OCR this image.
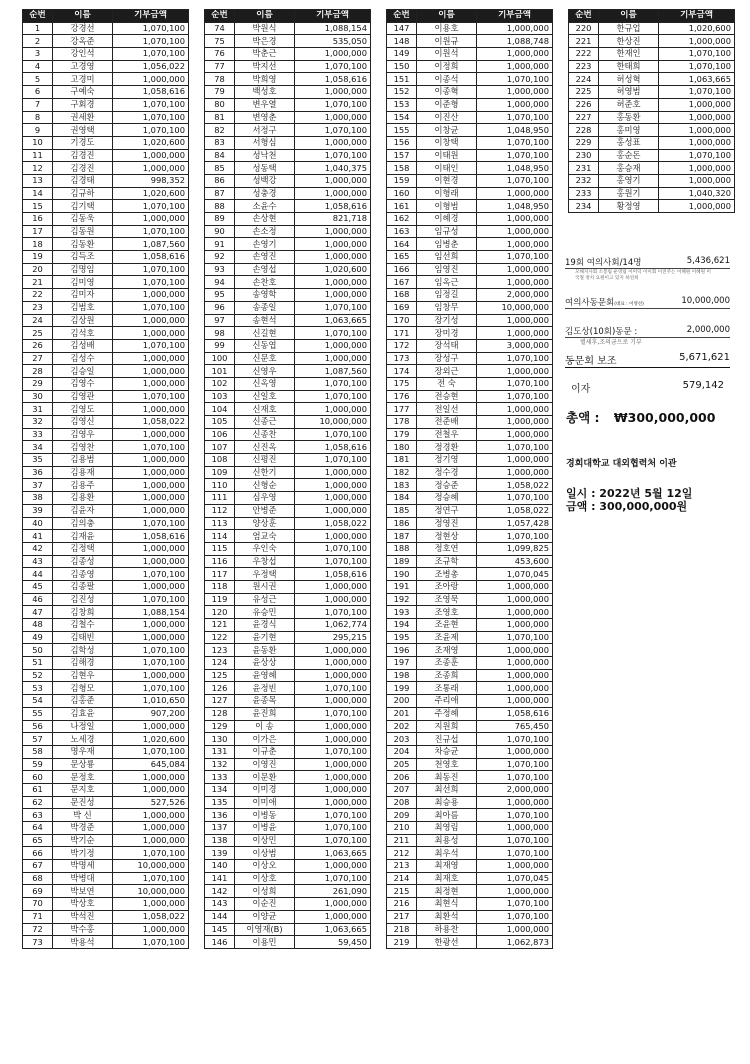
순번	이름	기부금액
1	강경선	1,070,100
2	강옥준	1,070,100
3	강인석	1,070,100
4	고경영	1,056,022
5	고경미	1,000,000
6	구예숙	1,058,616
7	구회경	1,070,100
8	권세환	1,070,100
9	권영택	1,070,100
10	기경도	1,020,600
11	김경진	1,000,000
12	김경진	1,000,000
13	김경태	998,352
14	김규하	1,020,600
15	김기택	1,070,100
16	김동욱	1,000,000
17	김동원	1,070,100
18	김동환	1,087,560
19	김득조	1,058,616
20	김명임	1,070,100
21	김미영	1,070,100
22	김미자	1,000,000
23	김범호	1,070,100
24	김상원	1,000,000
25	김석호	1,000,000
26	김성배	1,070,100
27	김성수	1,000,000
28	김승일	1,000,000
29	김영수	1,000,000
30	김영관	1,070,100
31	김영도	1,000,000
32	김영신	1,058,022
33	김영우	1,000,000
34	김영찬	1,070,100
35	김용범	1,000,000
36	김용재	1,000,000
37	김용주	1,000,000
38	김용환	1,000,000
39	김윤자	1,000,000
40	김의충	1,070,100
41	김재윤	1,058,616
42	김정택	1,000,000
43	김종성	1,000,000
44	김종영	1,070,100
45	김종팔	1,000,000
46	김진성	1,070,100
47	김창희	1,088,154
48	김철수	1,000,000
49	김태빈	1,000,000
50	김학성	1,070,100
51	김해경	1,070,100
52	김현우	1,000,000
53	김형모	1,070,100
54	김홍준	1,010,650
55	김효윤	907,200
56	나정일	1,000,000
57	노세경	1,020,600
58	명우재	1,070,100
59	문상룡	645,084
60	문정호	1,000,000
61	문지호	1,000,000
62	문진성	527,526
63	박 신	1,000,000
64	박경준	1,000,000
65	박기순	1,000,000
66	박기정	1,070,100
67	박명세	10,000,000
68	박병대	1,070,100
69	박보연	10,000,000
70	박상호	1,000,000
71	박석진	1,058,022
72	박수홍	1,000,000
73	박용석	1,070,100
순번	이름	기부금액
74	박원식	1,088,154
75	박은경	535,050
76	박춘근	1,000,000
77	박지선	1,070,100
78	박희영	1,058,616
79	백성호	1,000,000
80	변우열	1,070,100
81	변영춘	1,000,000
82	서정구	1,070,100
83	서형심	1,000,000
84	성낙천	1,070,100
85	성동택	1,040,375
86	성백강	1,000,000
87	성충경	1,000,000
88	소윤수	1,058,616
89	손상현	821,718
90	손소정	1,000,000
91	손영기	1,000,000
92	손영진	1,000,000
93	손영섭	1,020,600
94	손찬호	1,000,000
95	송영학	1,000,000
96	송종일	1,070,100
97	송현석	1,063,665
98	신길현	1,070,100
99	신동엽	1,000,000
100	신문호	1,000,000
101	신영우	1,087,560
102	신옥영	1,070,100
103	신일호	1,070,100
104	신재호	1,000,000
105	신종근	10,000,000
106	신종찬	1,070,100
107	신진옥	1,058,616
108	신평진	1,070,100
109	신한기	1,000,000
110	신형순	1,000,000
111	심우영	1,000,000
112	안병준	1,000,000
113	양상훈	1,058,022
114	엄교숙	1,000,000
115	우인숙	1,070,100
116	우창섭	1,070,100
117	우정택	1,058,616
118	원시권	1,000,000
119	유성근	1,000,000
120	유승민	1,070,100
121	윤경식	1,062,774
122	윤기현	295,215
123	윤동환	1,000,000
124	윤상상	1,000,000
125	윤영혜	1,000,000
126	윤정빈	1,070,100
127	윤종목	1,000,000
128	윤진희	1,070,100
129	이 송	1,000,000
130	이가은	1,000,000
131	이규춘	1,070,100
132	이영진	1,000,000
133	이문환	1,000,000
134	이미경	1,000,000
135	이미애	1,000,000
136	이병동	1,070,100
137	이병윤	1,070,100
138	이상민	1,070,100
139	이상범	1,063,665
140	이상오	1,000,000
141	이상호	1,070,100
142	이성희	261,090
143	이순진	1,000,000
144	이양균	1,000,000
145	이영재(B)	1,063,665
146	이용민	59,450
순번	이름	기부금액
147	이용호	1,000,000
148	이원규	1,088,748
149	이원석	1,000,000
150	이정희	1,000,000
151	이종석	1,070,100
152	이종혁	1,000,000
153	이준형	1,000,000
154	이진산	1,070,100
155	이창균	1,048,950
156	이창택	1,070,100
157	이태원	1,070,100
158	이태인	1,048,950
159	이현경	1,070,100
160	이형래	1,000,000
161	이형범	1,048,950
162	이혜경	1,000,000
163	임규성	1,000,000
164	임병춘	1,000,000
165	임선희	1,070,100
166	임영진	1,000,000
167	임옥근	1,000,000
168	임정길	2,000,000
169	임창무	10,000,000
170	장기성	1,000,000
171	장미경	1,000,000
172	장석태	3,000,000
173	장성구	1,070,100
174	장외근	1,000,000
175	전 숙	1,070,100
176	전승현	1,070,100
177	전일선	1,000,000
178	전준배	1,000,000
179	전철우	1,000,000
180	정경환	1,070,100
181	정기영	1,000,000
182	정수경	1,000,000
183	정승준	1,058,022
184	정승혜	1,070,100
185	정연구	1,058,022
186	정영진	1,057,428
187	정현상	1,070,100
188	정호연	1,099,825
189	조규학	453,600
190	조병총	1,070,045
191	조아랑	1,000,000
192	조영묵	1,000,000
193	조영호	1,000,000
194	조윤현	1,000,000
195	조윤제	1,070,100
196	조재영	1,000,000
197	조종훈	1,000,000
198	조종희	1,000,000
199	조통래	1,000,000
200	주리애	1,000,000
201	주정혜	1,058,616
202	지원희	765,450
203	진규섭	1,070,100
204	차승균	1,000,000
205	천영호	1,070,100
206	최동진	1,070,100
207	최선희	2,000,000
208	최승용	1,000,000
209	최아름	1,070,100
210	최영림	1,000,000
211	최용성	1,070,100
212	최우석	1,070,100
213	최재영	1,000,000
214	최재호	1,070,045
215	최정현	1,000,000
216	최현식	1,070,100
217	최환석	1,070,100
218	하용찬	1,000,000
219	한광선	1,062,873
순번	이름	기부금액
220	한규업	1,020,600
221	한상진	1,000,000
222	한재인	1,070,100
223	한태희	1,070,100
224	허성혁	1,063,665
225	허영범	1,070,100
226	허준호	1,000,000
227	홍동환	1,000,000
228	홍미영	1,000,000
229	홍성표	1,000,000
230	홍순돈	1,070,100
231	홍승재	1,000,000
232	홍영기	1,000,000
233	홍원기	1,040,320
234	황정영	1,000,000
19회 여의사회/14명	5,436,621
모해지사회 소봉림 운영림 이미덕 이이회 이전주는 이혜원 이혜원 이국철 정치 요원이고 있지 하연희
여의사동문회(대표 : 이영선)	10,000,000
김도상(10회)동문 :	2,000,000
별세후,조의금으로 기부
동문회 보조	5,671,621
이자	579,142
총액 : ₩300,000,000
경희대학교 대외협력처 이관
일시 : 2022년 5월 12일
금액 : 300,000,000원
